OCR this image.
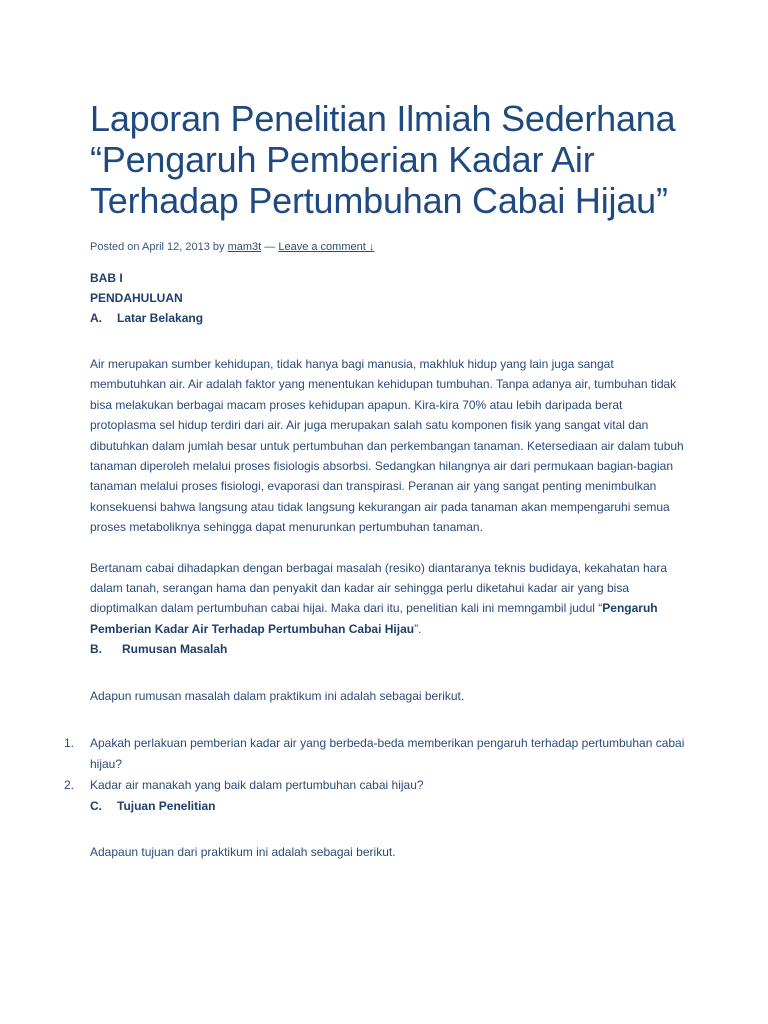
Laporan Penelitian Ilmiah Sederhana “Pengaruh Pemberian Kadar Air Terhadap Pertumbuhan Cabai Hijau”
Posted on April 12, 2013 by mam3t — Leave a comment ↓
BAB I
PENDAHULUAN
A.	Latar Belakang

Air merupakan sumber kehidupan, tidak hanya bagi manusia, makhluk hidup yang lain juga sangat membutuhkan air. Air adalah faktor yang menentukan kehidupan tumbuhan. Tanpa adanya air, tumbuhan tidak bisa melakukan berbagai macam proses kehidupan apapun. Kira-kira 70% atau lebih daripada berat protoplasma sel hidup terdiri dari air. Air juga merupakan salah satu komponen fisik yang sangat vital dan dibutuhkan dalam jumlah besar untuk pertumbuhan dan perkembangan tanaman. Ketersediaan air dalam tubuh tanaman diperoleh melalui proses fisiologis absorbsi. Sedangkan hilangnya air dari permukaan bagian-bagian tanaman melalui proses fisiologi, evaporasi dan transpirasi. Peranan air yang sangat penting menimbulkan konsekuensi bahwa langsung atau tidak langsung kekurangan air pada tanaman akan mempengaruhi semua proses metaboliknya sehingga dapat menurunkan pertumbuhan tanaman.

Bertanam cabai dihadapkan dengan berbagai masalah (resiko) diantaranya teknis budidaya, kekahatan hara dalam tanah, serangan hama dan penyakit dan kadar air sehingga perlu diketahui kadar air yang bisa dioptimalkan dalam pertumbuhan cabai hijai. Maka dari itu, penelitian kali ini memngambil judul “Pengaruh Pemberian Kadar Air Terhadap Pertumbuhan Cabai Hijau”.

B.	Rumusan Masalah

Adapun rumusan masalah dalam praktikum ini adalah sebagai berikut.

1.	Apakah perlakuan pemberian kadar air yang berbeda-beda memberikan pengaruh terhadap pertumbuhan cabai hijau?
2.	Kadar air manakah yang baik dalam pertumbuhan cabai hijau?
C.	Tujuan Penelitian

Adapaun tujuan dari praktikum ini adalah sebagai berikut.
